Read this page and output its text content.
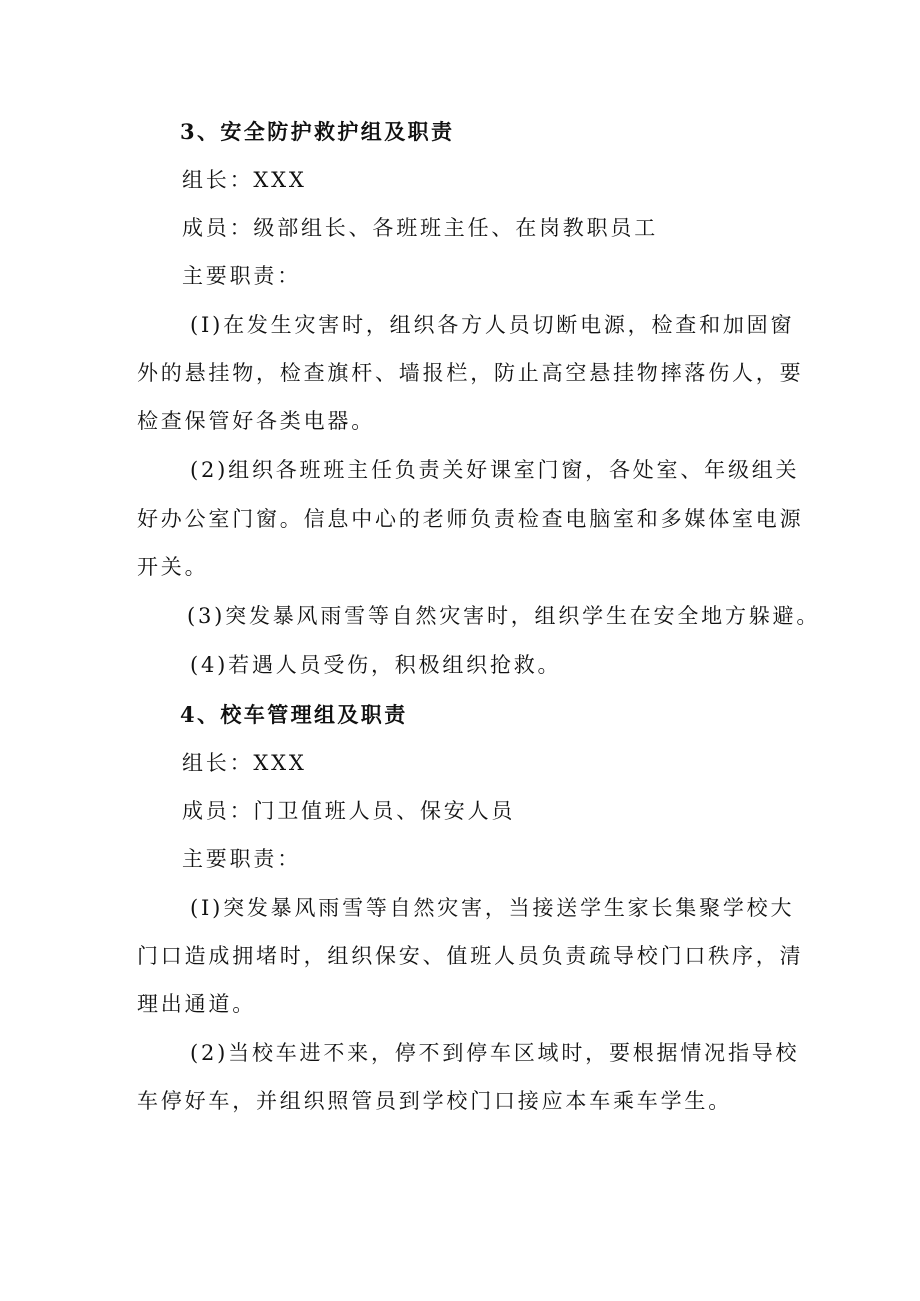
3、安全防护救护组及职责
组长：XXX
成员：级部组长、各班班主任、在岗教职员工
主要职责：
(I)在发生灾害时，组织各方人员切断电源，检查和加固窗
外的悬挂物，检查旗杆、墙报栏，防止高空悬挂物摔落伤人，要
检查保管好各类电器。
(2)组织各班班主任负责关好课室门窗，各处室、年级组关
好办公室门窗。信息中心的老师负责检查电脑室和多媒体室电源
开关。
(3)突发暴风雨雪等自然灾害时，组织学生在安全地方躲避。
(4)若遇人员受伤，积极组织抢救。
4、校车管理组及职责
组长：XXX
成员：门卫值班人员、保安人员
主要职责：
(I)突发暴风雨雪等自然灾害，当接送学生家长集聚学校大
门口造成拥堵时，组织保安、值班人员负责疏导校门口秩序，清
理出通道。
(2)当校车进不来，停不到停车区域时，要根据情况指导校
车停好车，并组织照管员到学校门口接应本车乘车学生。
